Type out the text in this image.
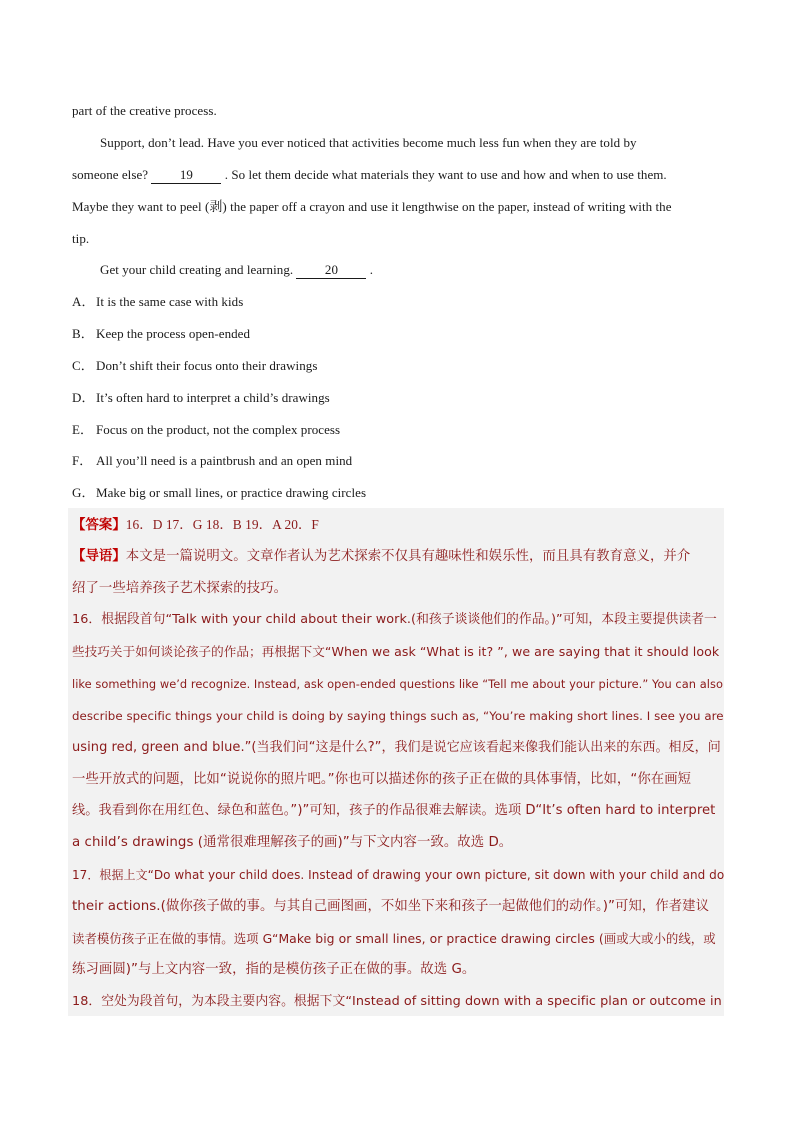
part of the creative process.
Support, don’t lead. Have you ever noticed that activities become much less fun when they are told by
someone else? 19 . So let them decide what materials they want to use and how and when to use them.
Maybe they want to peel (剥) the paper off a crayon and use it lengthwise on the paper, instead of writing with the
tip.
Get your child creating and learning. 20 .
A． It is the same case with kids
B． Keep the process open-ended
C． Don’t shift their focus onto their drawings
D． It’s often hard to interpret a child’s drawings
E． Focus on the product, not the complex process
F． All you’ll need is a paintbrush and an open mind
G． Make big or small lines, or practice drawing circles
【答案】16．D 17．G 18．B 19．A 20．F
【导语】本文是一篇说明文。文章作者认为艺术探索不仅具有趣味性和娱乐性，而且具有教育意义，并介
绍了一些培养孩子艺术探索的技巧。
16．根据段首句“Talk with your child about their work.(和孩子谈谈他们的作品。)”可知，本段主要提供读者一
些技巧关于如何谈论孩子的作品；再根据下文“When we ask “What is it? ”, we are saying that it should look
like something we’d recognize. Instead, ask open-ended questions like “Tell me about your picture.” You can also
describe specific things your child is doing by saying things such as, “You’re making short lines. I see you are
using red, green and blue.”(当我们问“这是什么?”，我们是说它应该看起来像我们能认出来的东西。相反，问
一些开放式的问题，比如“说说你的照片吧。”你也可以描述你的孩子正在做的具体事情，比如，“你在画短
线。我看到你在用红色、绿色和蓝色。”)”可知，孩子的作品很难去解读。选项 D“It’s often hard to interpret
a child’s drawings (通常很难理解孩子的画)”与下文内容一致。故选 D。
17．根据上文“Do what your child does. Instead of drawing your own picture, sit down with your child and do
their actions.(做你孩子做的事。与其自己画图画，不如坐下来和孩子一起做他们的动作。)”可知，作者建议
读者模仿孩子正在做的事情。选项 G“Make big or small lines, or practice drawing circles (画或大或小的线，或
练习画圆)”与上文内容一致，指的是模仿孩子正在做的事。故选 G。
18．空处为段首句，为本段主要内容。根据下文“Instead of sitting down with a specific plan or outcome in
